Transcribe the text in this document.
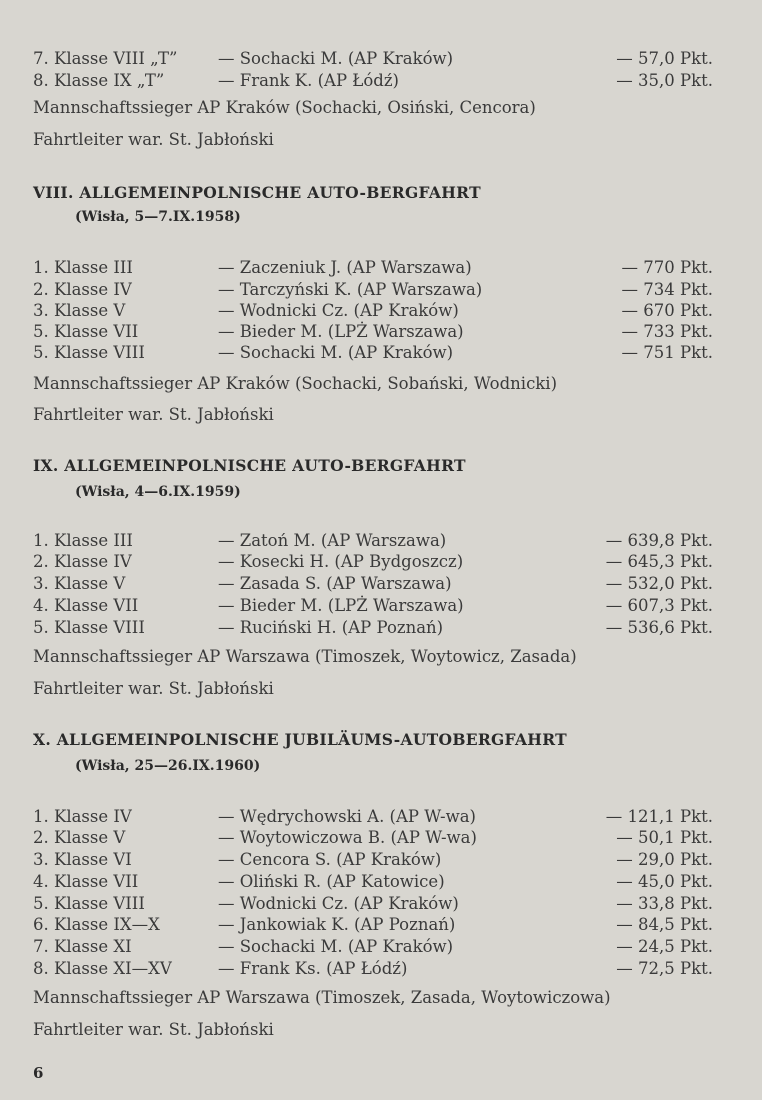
7. Klasse VIII „T” — Sochacki M. (AP Kraków)	— 57,0 Pkt.
8. Klasse IX „T”	— Frank K. (AP Łódź)	— 35,0 Pkt.
Mannschaftssieger AP Kraków (Sochacki, Osiński, Cencora)
Fahrtleiter war. St. Jabłoński
VIII. ALLGEMEINPOLNISCHE AUTO-BERGFAHRT
(Wisła, 5—7.IX.1958)
1. Klasse III	— Zaczeniuk J. (AP Warszawa)	— 770 Pkt.
2. Klasse IV	— Tarczyński K. (AP Warszawa)	— 734 Pkt.
3. Klasse V	— Wodnicki Cz. (AP Kraków)	— 670 Pkt.
5. Klasse VII	— Bieder M. (LPŻ Warszawa)	— 733 Pkt.
5. Klasse VIII	— Sochacki M. (AP Kraków)	— 751 Pkt.
Mannschaftssieger AP Kraków (Sochacki, Sobański, Wodnicki)
Fahrtleiter war. St. Jabłoński
IX. ALLGEMEINPOLNISCHE AUTO-BERGFAHRT
(Wisła, 4—6.IX.1959)
1. Klasse III	— Zatoń M. (AP Warszawa)	— 639,8 Pkt.
2. Klasse IV	— Kosecki H. (AP Bydgoszcz)	— 645,3 Pkt.
3. Klasse V	— Zasada S. (AP Warszawa)	— 532,0 Pkt.
4. Klasse VII	— Bieder M. (LPŻ Warszawa)	— 607,3 Pkt.
5. Klasse VIII	— Ruciński H. (AP Poznań)	— 536,6 Pkt.
Mannschaftssieger AP Warszawa (Timoszek, Woytowicz, Zasada)
Fahrtleiter war. St. Jabłoński
X. ALLGEMEINPOLNISCHE JUBILÄUMS-AUTOBERGFAHRT
(Wisła, 25—26.IX.1960)
1. Klasse IV	— Wędrychowski A. (AP W-wa)	— 121,1 Pkt.
2. Klasse V	— Woytowiczowa B. (AP W-wa)	— 50,1 Pkt.
3. Klasse VI	— Cencora S. (AP Kraków)	— 29,0 Pkt.
4. Klasse VII	— Oliński R. (AP Katowice)	— 45,0 Pkt.
5. Klasse VIII	— Wodnicki Cz. (AP Kraków)	— 33,8 Pkt.
6. Klasse IX—X	— Jankowiak K. (AP Poznań)	— 84,5 Pkt.
7. Klasse XI	— Sochacki M. (AP Kraków)	— 24,5 Pkt.
8. Klasse XI—XV	— Frank Ks. (AP Łódź)	— 72,5 Pkt.
Mannschaftssieger AP Warszawa (Timoszek, Zasada, Woytowiczowa)
Fahrtleiter war. St. Jabłoński
6
